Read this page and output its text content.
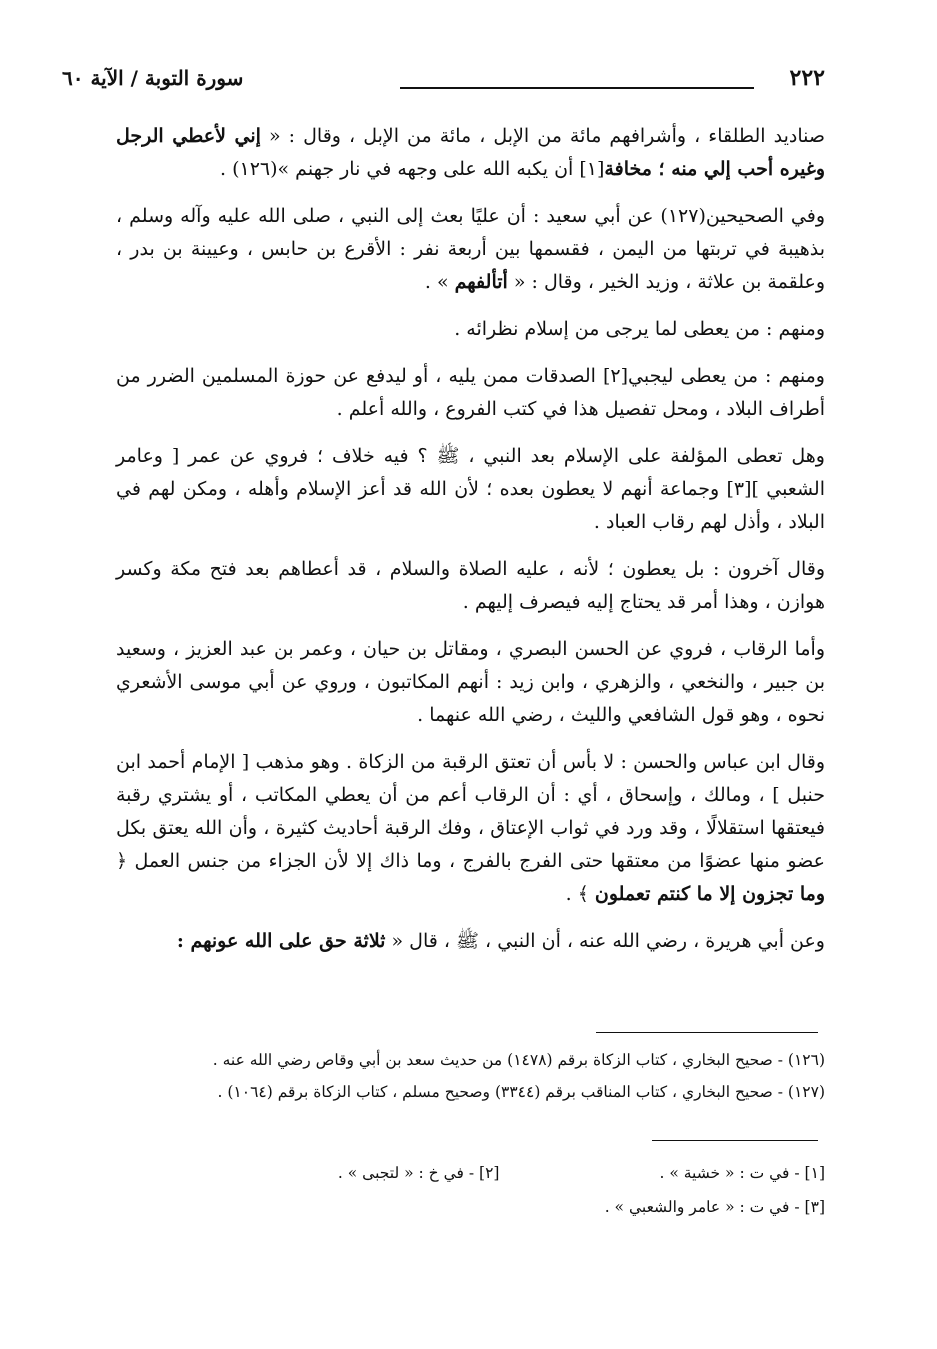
٢٢٢
سورة التوبة / الآية ٦٠

صناديد الطلقاء ، وأشرافهم مائة من الإبل ، مائة من الإبل ، وقال : « إني لأعطي الرجل وغيره أحب إلي منه ؛ مخافة[١] أن يكبه الله على وجهه في نار جهنم »(١٢٦) .

وفي الصحيحين(١٢٧) عن أبي سعيد : أن عليًا بعث إلى النبي ، صلى الله عليه وآله وسلم ، بذهيبة في تربتها من اليمن ، فقسمها بين أربعة نفر : الأقرع بن حابس ، وعيينة بن بدر ، وعلقمة بن علاثة ، وزيد الخير ، وقال : « أتألفهم » .

ومنهم : من يعطى لما يرجى من إسلام نظرائه .

ومنهم : من يعطى ليجبي[٢] الصدقات ممن يليه ، أو ليدفع عن حوزة المسلمين الضرر من أطراف البلاد ، ومحل تفصيل هذا في كتب الفروع ، والله أعلم .

وهل تعطى المؤلفة على الإسلام بعد النبي ، ﷺ ؟ فيه خلاف ؛ فروي عن عمر [ وعامر الشعبي ][٣] وجماعة أنهم لا يعطون بعده ؛ لأن الله قد أعز الإسلام وأهله ، ومكن لهم في البلاد ، وأذل لهم رقاب العباد .

وقال آخرون : بل يعطون ؛ لأنه ، عليه الصلاة والسلام ، قد أعطاهم بعد فتح مكة وكسر هوازن ، وهذا أمر قد يحتاج إليه فيصرف إليهم .

وأما الرقاب ، فروي عن الحسن البصري ، ومقاتل بن حيان ، وعمر بن عبد العزيز ، وسعيد بن جبير ، والنخعي ، والزهري ، وابن زيد : أنهم المكاتبون ، وروي عن أبي موسى الأشعري نحوه ، وهو قول الشافعي والليث ، رضي الله عنهما .

وقال ابن عباس والحسن : لا بأس أن تعتق الرقبة من الزكاة . وهو مذهب [ الإمام أحمد ابن حنبل ] ، ومالك ، وإسحاق ، أي : أن الرقاب أعم من أن يعطي المكاتب ، أو يشتري رقبة فيعتقها استقلالًا ، وقد ورد في ثواب الإعتاق ، وفك الرقبة أحاديث كثيرة ، وأن الله يعتق بكل عضو منها عضوًا من معتقها حتى الفرج بالفرج ، وما ذاك إلا لأن الجزاء من جنس العمل ﴿ وما تجزون إلا ما كنتم تعملون ﴾ .

وعن أبي هريرة ، رضي الله عنه ، أن النبي ، ﷺ ، قال « ثلاثة حق على الله عونهم :

(١٢٦) - صحيح البخاري ، كتاب الزكاة برقم (١٤٧٨) من حديث سعد بن أبي وقاص رضي الله عنه .
(١٢٧) - صحيح البخاري ، كتاب المناقب برقم (٣٣٤٤) وصحيح مسلم ، كتاب الزكاة برقم (١٠٦٤) .
[١] - في ت : « خشية » .
[٢] - في خ : « لتجبى » .
[٣] - في ت : « عامر والشعبي » .
